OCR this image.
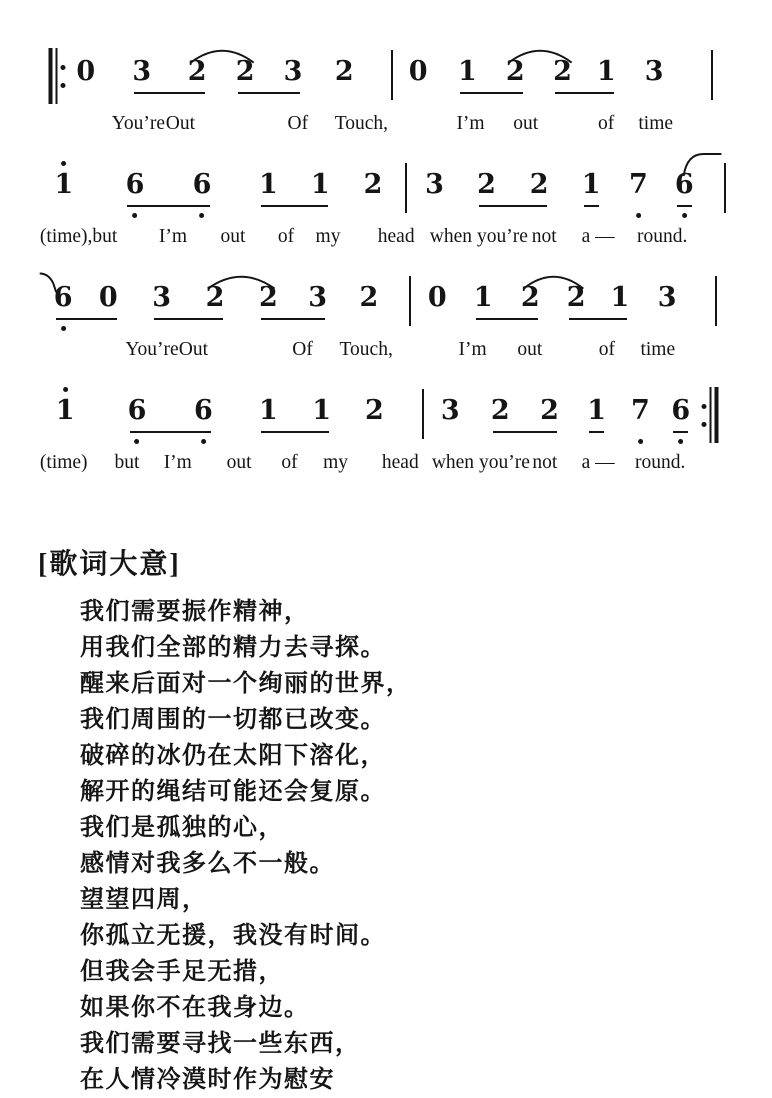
0 3 2 2 3 2 0 1 2 2 1 3
You’re Out	Of Touch,	I’m out	of time
1 6 6 1 1 2 3 2 2 1 7 6
(time),but I’m out of my head when you’re not a — round.
6 0 3 2 2 3 2 0 1 2 2 1 3
You’re Out	Of Touch,	I’m out	of time
1 6 6 1 1 2 3 2 2 1 7 6
(time) but I’m out of my head when you’re not a — round.
[歌词大意]
我们需要振作精神，
用我们全部的精力去寻探。
醒来后面对一个绚丽的世界，
我们周围的一切都已改变。
破碎的冰仍在太阳下溶化，
解开的绳结可能还会复原。
我们是孤独的心，
感情对我多么不一般。
望望四周，
你孤立无援，我没有时间。
但我会手足无措，
如果你不在我身边。
我们需要寻找一些东西，
在人情冷漠时作为慰安
